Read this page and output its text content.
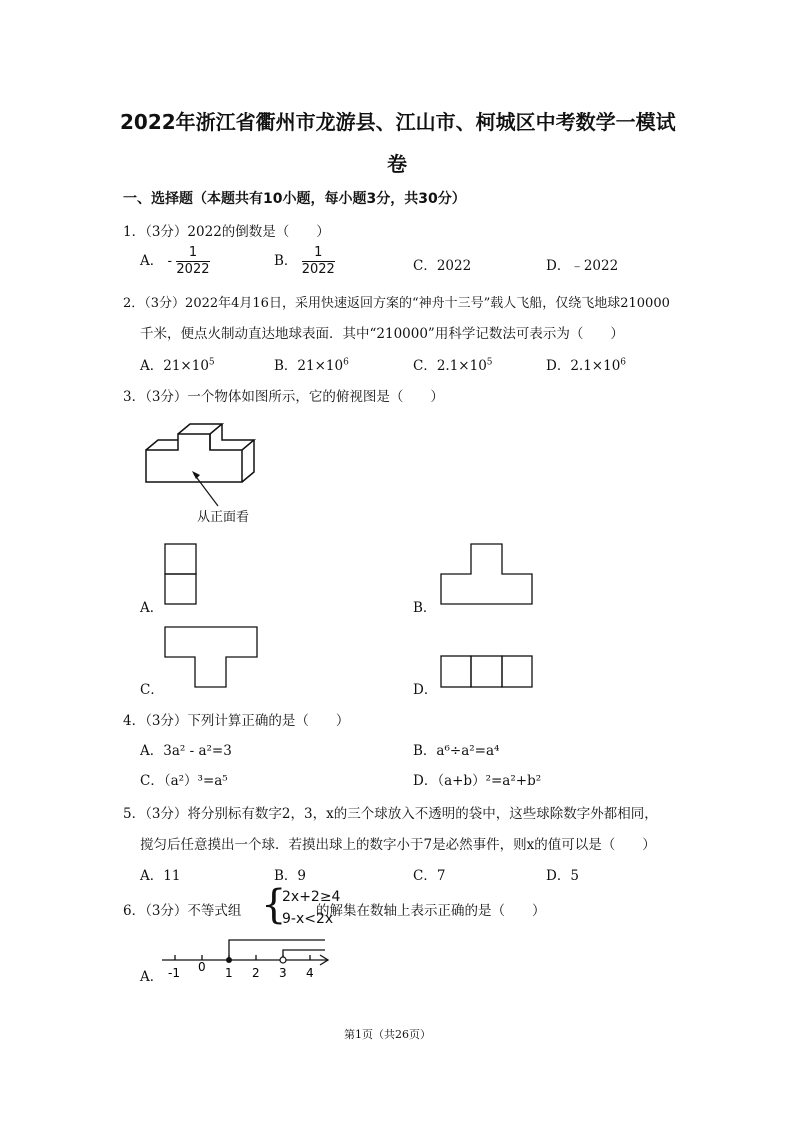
2022年浙江省衢州市龙游县、江山市、柯城区中考数学一模试
卷
一、选择题（本题共有10小题，每小题3分，共30分）
1．（3分）2022的倒数是（　　）
A． - $\frac{1}{2022}$	B． $\frac{1}{2022}$	C．2022	D．﹣2022
2．（3分）2022年4月16日，采用快速返回方案的“神舟十三号”载人飞船，仅绕飞地球210000
千米，便点火制动直达地球表面．其中“210000”用科学记数法可表示为（　　）
A．$21\times 10^5$	B．$21\times 10^6$	C．$2.1\times 10^5$	D．$2.1\times 10^6$
3．（3分）一个物体如图所示，它的俯视图是（　　）
从正面看
A．	B．
C．	D．
4．（3分）下列计算正确的是（　　）
A．3a² - a²=3	B．a⁶÷a²=a⁴
C．（a²）³=a⁵	D．（a+b）²=a²+b²
5．（3分）将分别标有数字2，3，x的三个球放入不透明的袋中，这些球除数字外都相同，
搅匀后任意摸出一个球．若摸出球上的数字小于7是必然事件，则x的值可以是（　　）
A．11	B．9	C．7	D．5
6．（3分）不等式组 {
2x+2≥4
9-x<2x
的解集在数轴上表示正确的是（　　）
A． -1 0 1 2 3 4
第1页（共26页）
